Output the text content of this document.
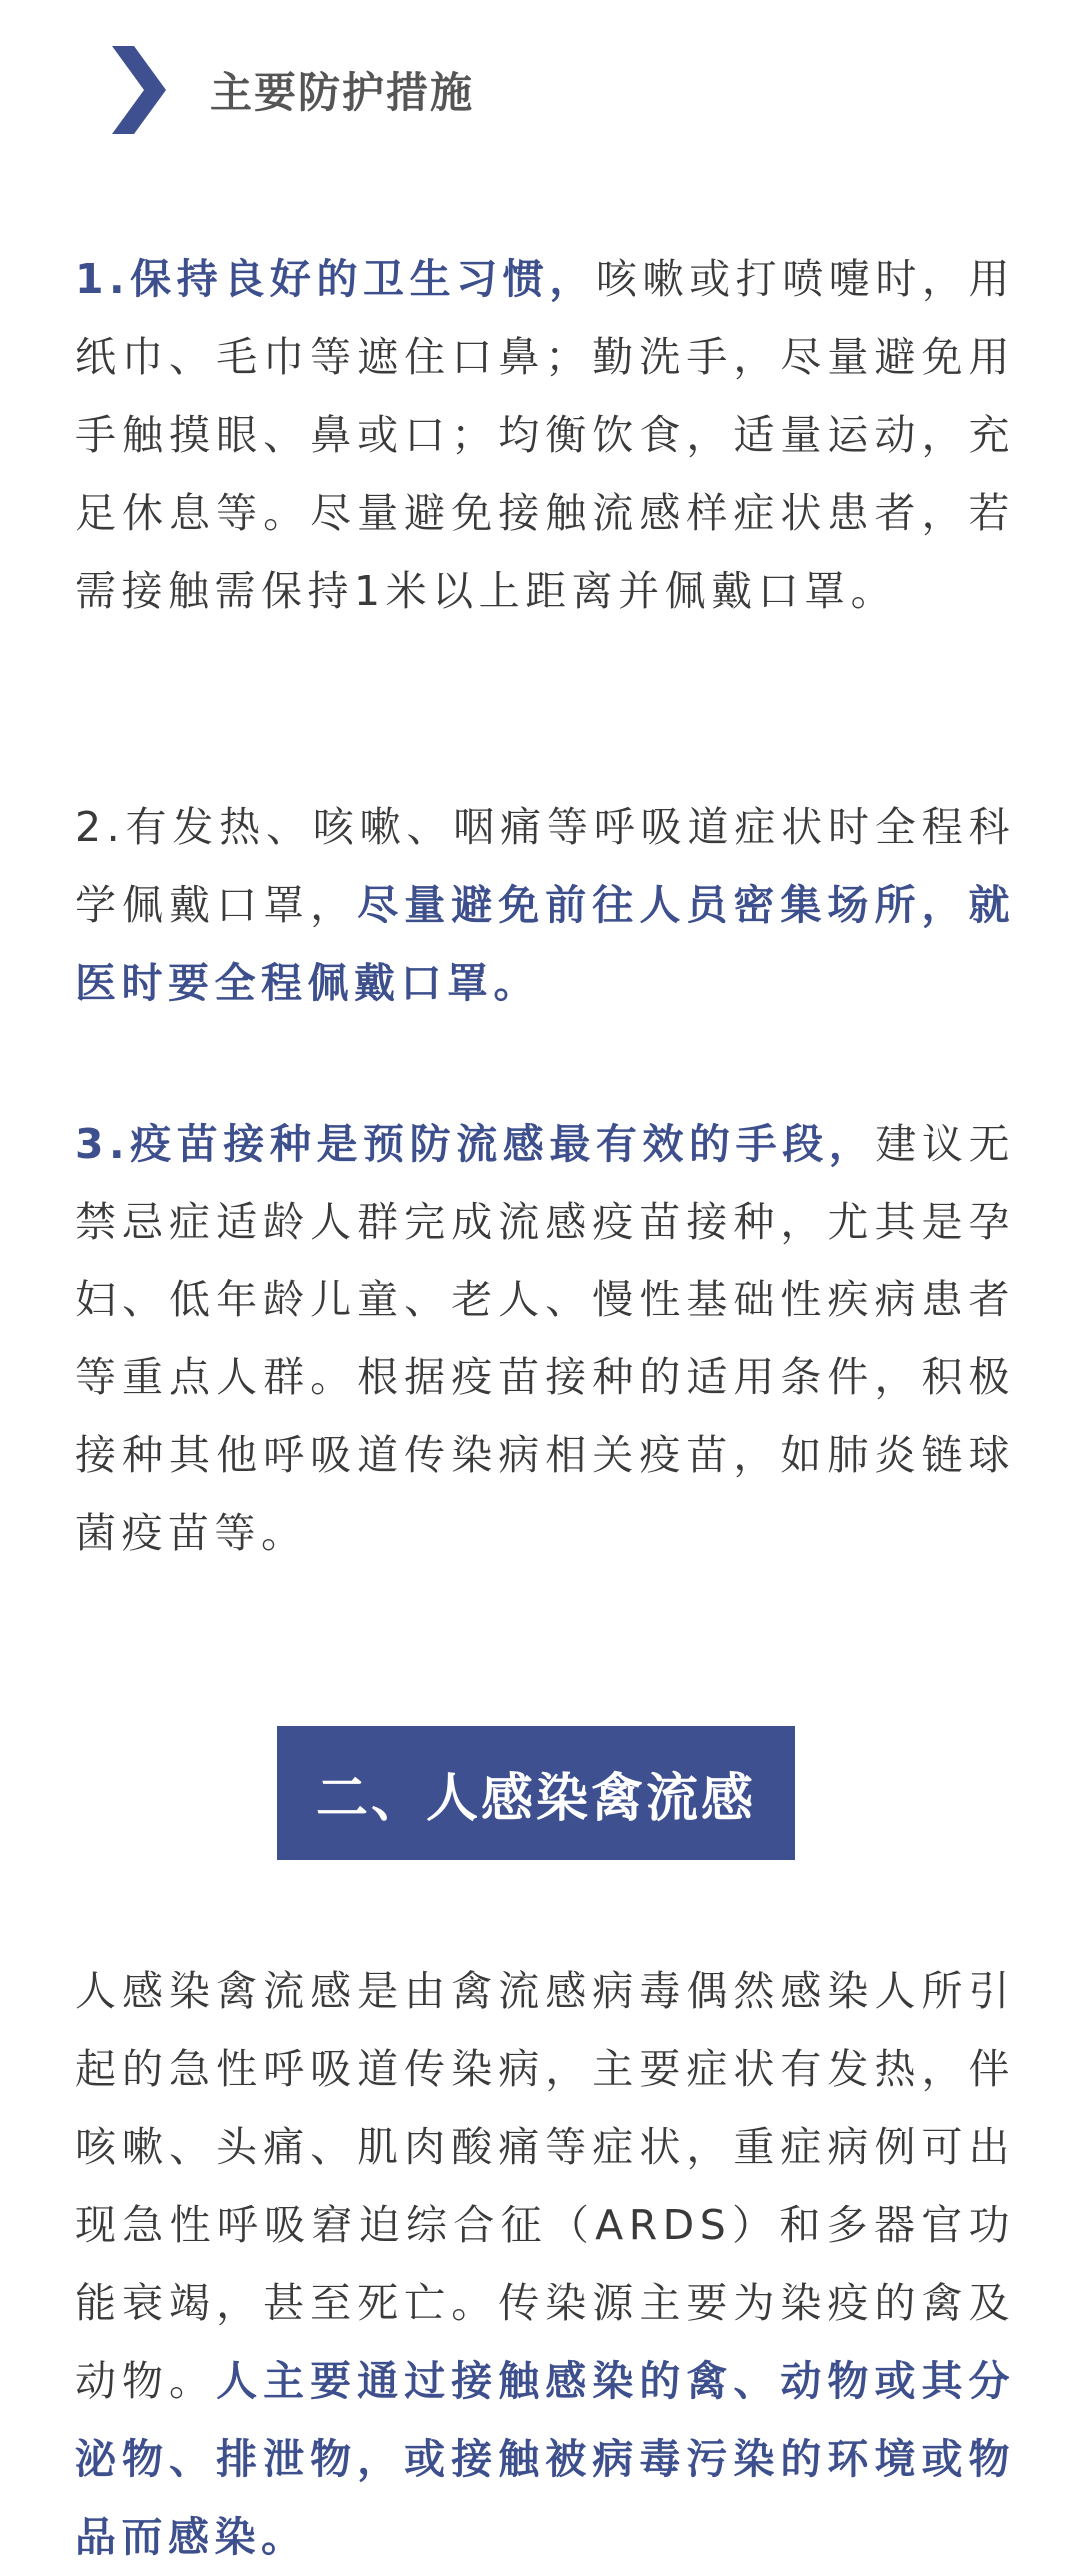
主要防护措施

1.保持良好的卫生习惯，咳嗽或打喷嚏时，用纸巾、毛巾等遮住口鼻；勤洗手，尽量避免用手触摸眼、鼻或口；均衡饮食，适量运动，充足休息等。尽量避免接触流感样症状患者，若需接触需保持1米以上距离并佩戴口罩。

2.有发热、咳嗽、咽痛等呼吸道症状时全程科学佩戴口罩，尽量避免前往人员密集场所，就医时要全程佩戴口罩。

3.疫苗接种是预防流感最有效的手段，建议无禁忌症适龄人群完成流感疫苗接种，尤其是孕妇、低年龄儿童、老人、慢性基础性疾病患者等重点人群。根据疫苗接种的适用条件，积极接种其他呼吸道传染病相关疫苗，如肺炎链球菌疫苗等。

二、人感染禽流感

人感染禽流感是由禽流感病毒偶然感染人所引起的急性呼吸道传染病，主要症状有发热，伴咳嗽、头痛、肌肉酸痛等症状，重症病例可出现急性呼吸窘迫综合征（ARDS）和多器官功能衰竭，甚至死亡。传染源主要为染疫的禽及动物。人主要通过接触感染的禽、动物或其分泌物、排泄物，或接触被病毒污染的环境或物品而感染。
